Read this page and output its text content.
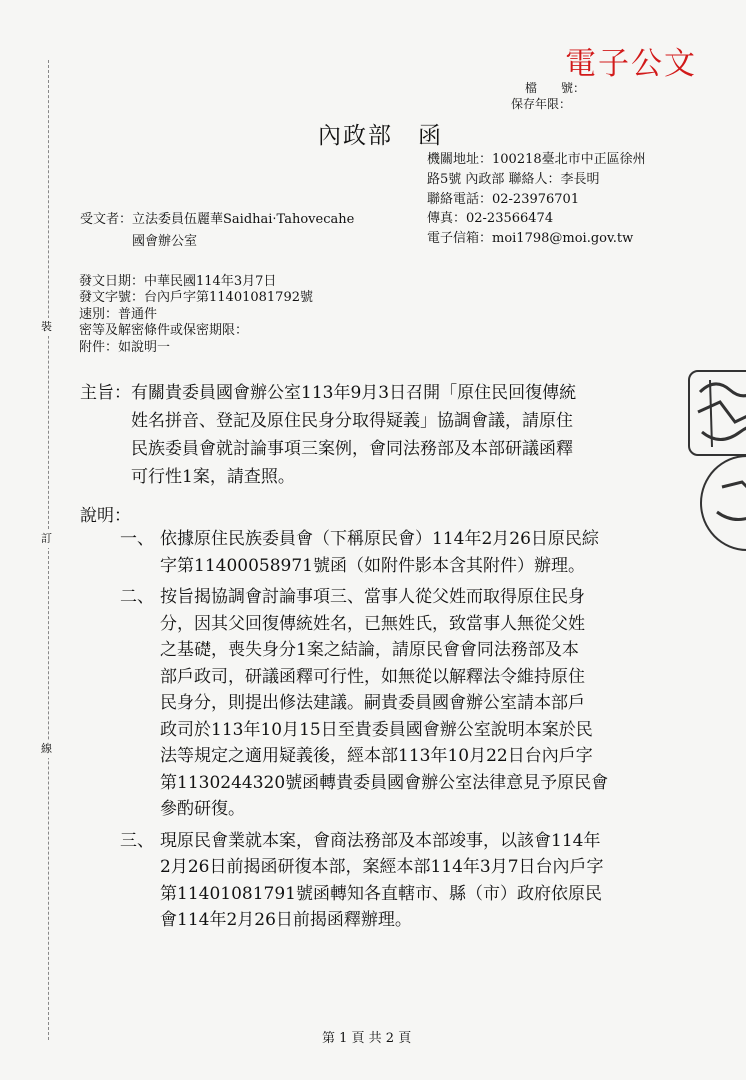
裝
訂
線
電子公文
檔　　號：
保存年限：
內政部　函
機關地址：100218臺北市中正區徐州
路5號 內政部 聯絡人：李長明
聯絡電話：02-23976701
傳真：02-23566474
電子信箱：moi1798@moi.gov.tw
受文者：立法委員伍麗華Saidhai‧Tahovecahe
　　　　國會辦公室
發文日期：中華民國114年3月7日
發文字號：台內戶字第11401081792號
速別：普通件
密等及解密條件或保密期限：
附件：如說明一
主旨：有關貴委員國會辦公室113年9月3日召開「原住民回復傳統
　　　姓名拼音、登記及原住民身分取得疑義」協調會議，請原住
　　　民族委員會就討論事項三案例，會同法務部及本部研議函釋
　　　可行性1案，請查照。
說明：
一、 依據原住民族委員會（下稱原民會）114年2月26日原民綜
字第11400058971號函（如附件影本含其附件）辦理。
二、 按旨揭協調會討論事項三、當事人從父姓而取得原住民身
分，因其父回復傳統姓名，已無姓氏，致當事人無從父姓
之基礎，喪失身分1案之結論，請原民會會同法務部及本
部戶政司，研議函釋可行性，如無從以解釋法令維持原住
民身分，則提出修法建議。嗣貴委員國會辦公室請本部戶
政司於113年10月15日至貴委員國會辦公室說明本案於民
法等規定之適用疑義後，經本部113年10月22日台內戶字
第1130244320號函轉貴委員國會辦公室法律意見予原民會
參酌研復。
三、 現原民會業就本案，會商法務部及本部竣事，以該會114年
2月26日前揭函研復本部，案經本部114年3月7日台內戶字
第11401081791號函轉知各直轄市、縣（市）政府依原民
會114年2月26日前揭函釋辦理。
第 1 頁 共 2 頁
